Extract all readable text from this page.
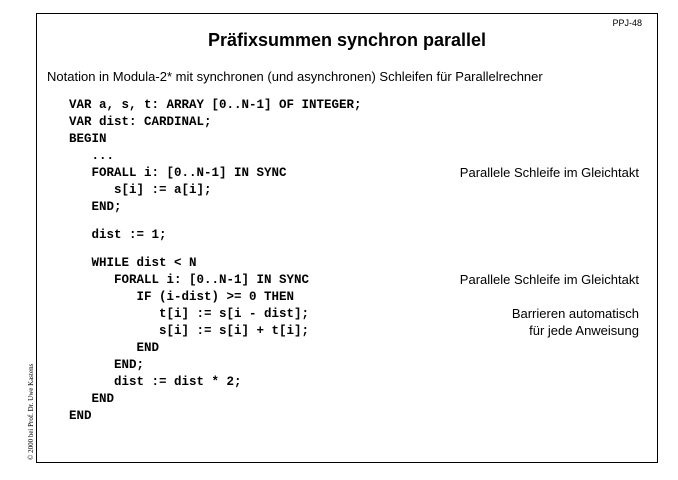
PPJ-48
Präfixsummen synchron parallel
Notation in Modula-2* mit synchronen (und asynchronen) Schleifen für Parallelrechner
VAR a, s, t: ARRAY [0..N-1] OF INTEGER;
VAR dist: CARDINAL;
BEGIN
...
FORALL i: [0..N-1] IN SYNC
s[i] := a[i];
END;
dist := 1;
WHILE dist < N
FORALL i: [0..N-1] IN SYNC
IF (i-dist) >= 0 THEN
t[i] := s[i - dist];
s[i] := s[i] + t[i];
END
END;
dist := dist * 2;
END
END
Parallele Schleife im Gleichtakt
Parallele Schleife im Gleichtakt
Barrieren automatisch
für jede Anweisung
© 2000 bei Prof. Dr. Uwe Kastens
